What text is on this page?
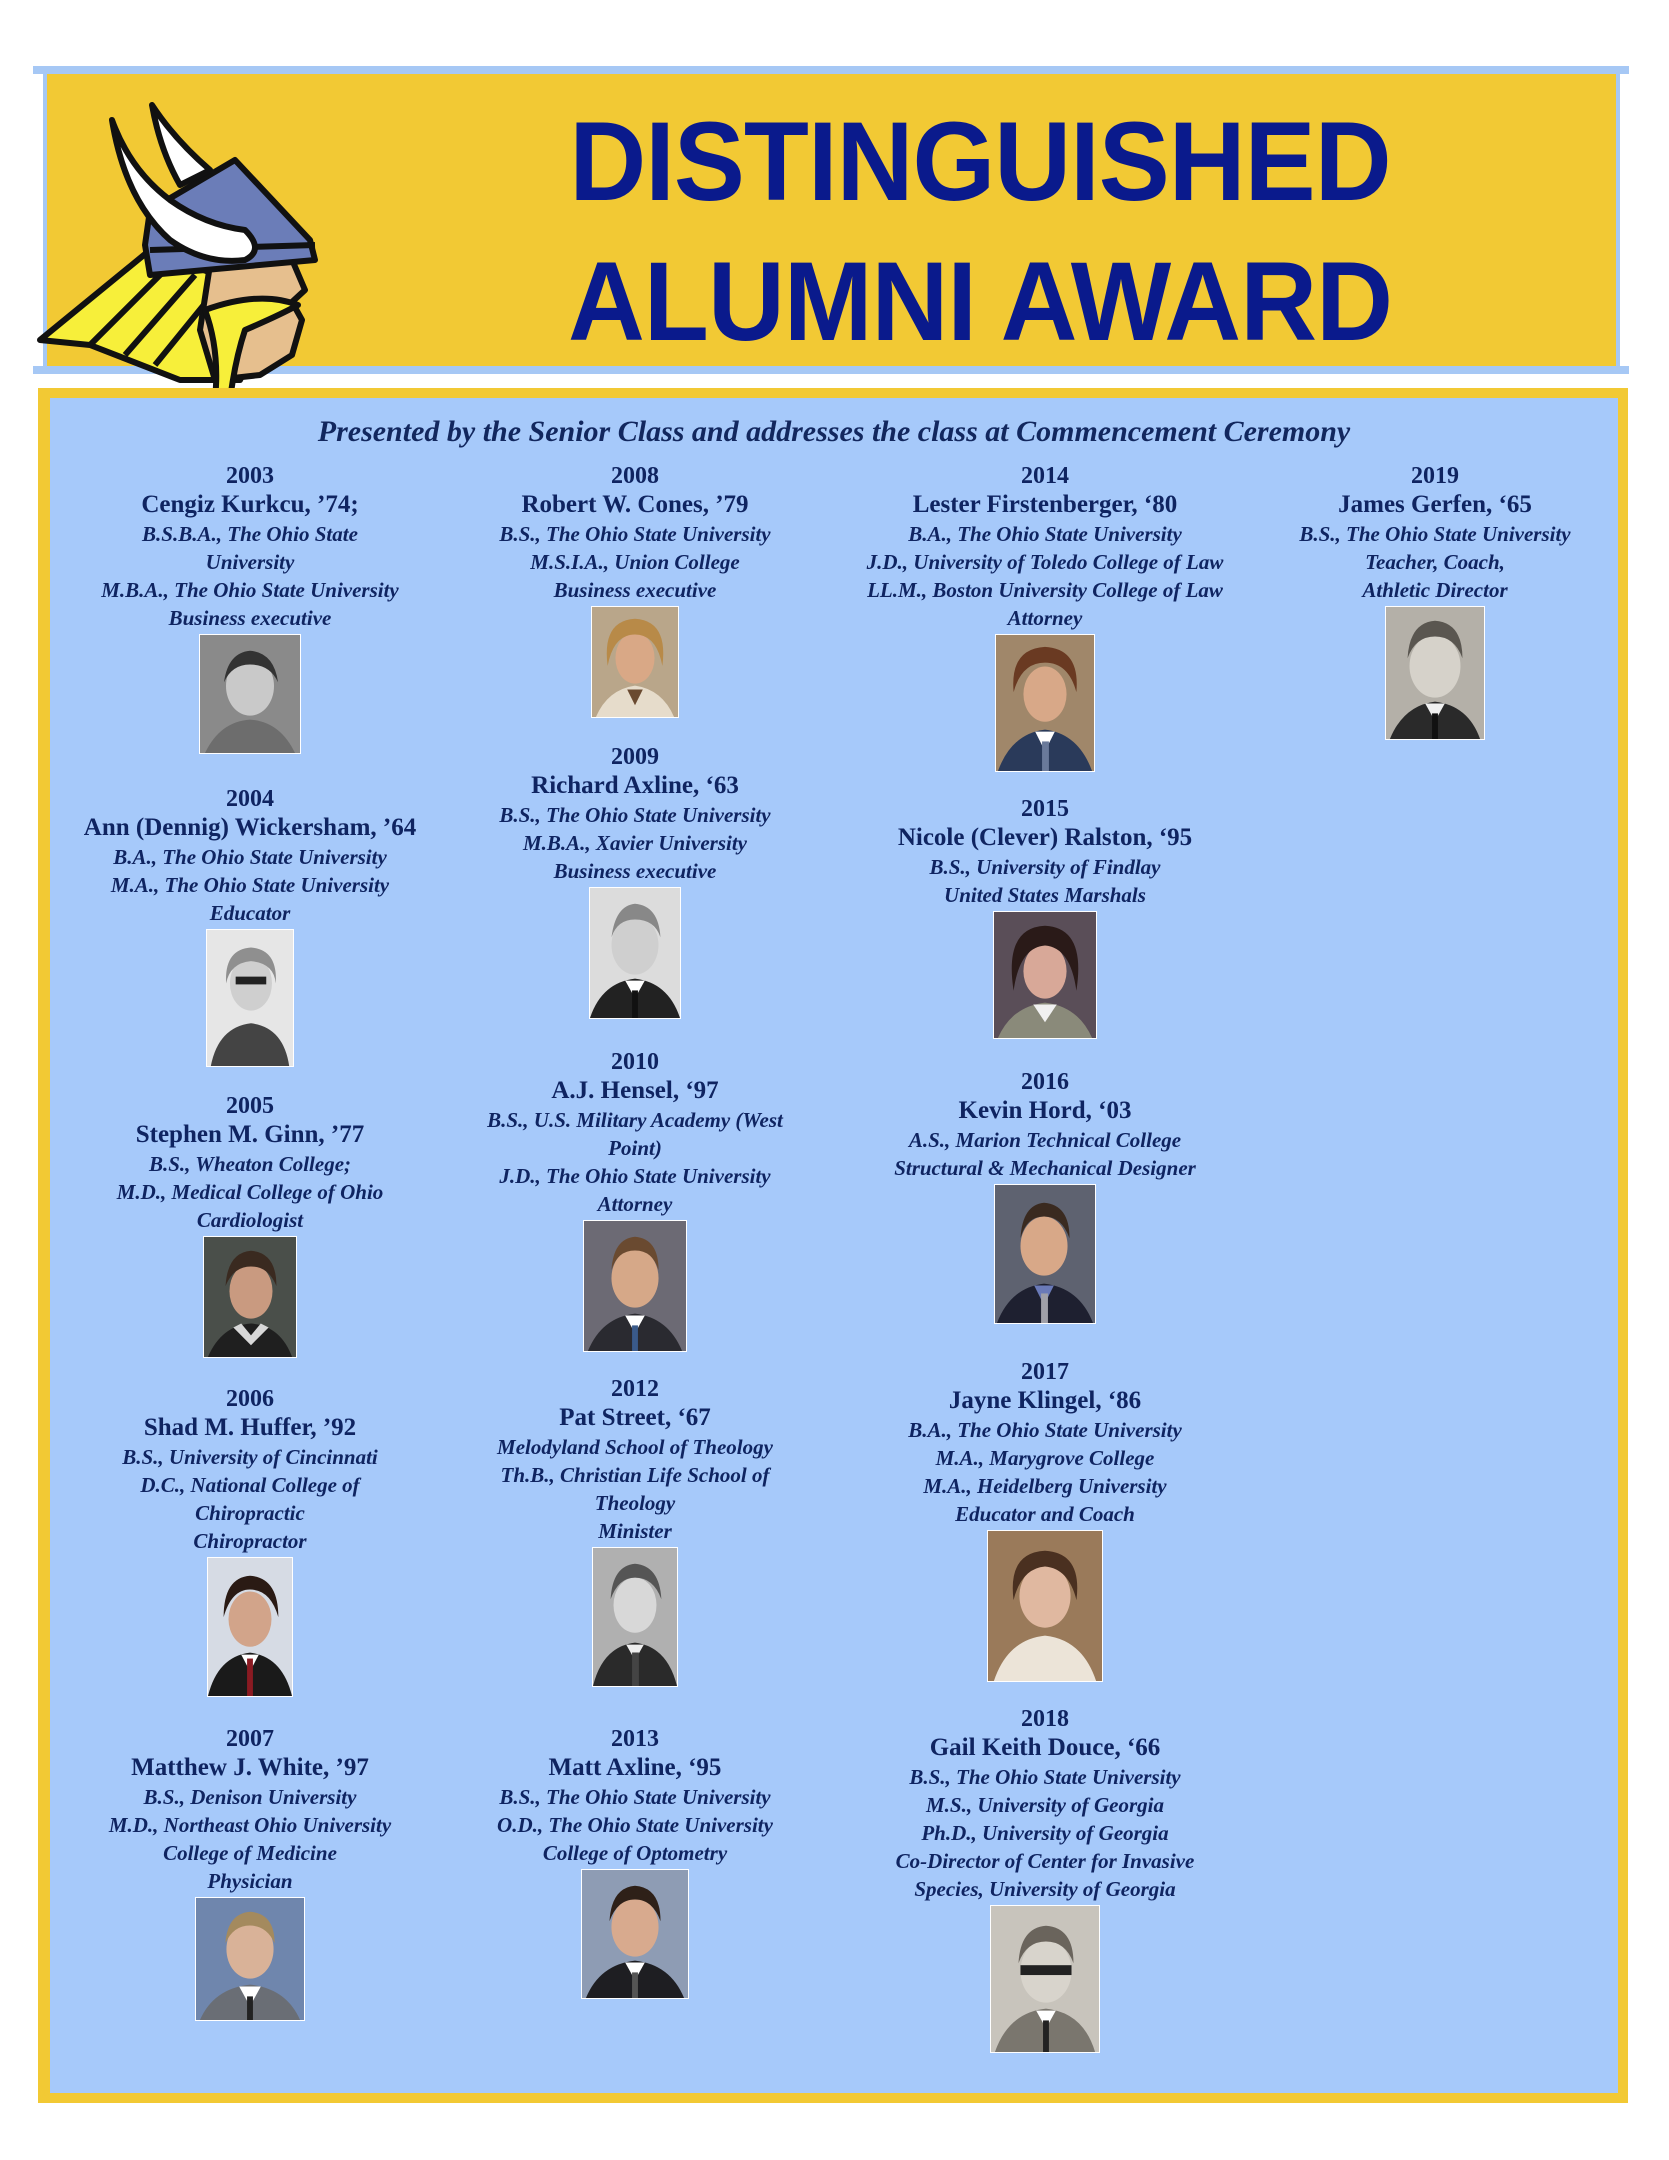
DISTINGUISHED
ALUMNI AWARD
Presented by the Senior Class and addresses the class at Commencement Ceremony
2003
Cengiz Kurkcu, ’74;
B.S.B.A., The Ohio State
University
M.B.A., The Ohio State University
Business executive
2004
Ann (Dennig) Wickersham, ’64
B.A., The Ohio State University
M.A., The Ohio State University
Educator
2005
Stephen M. Ginn, ’77
B.S., Wheaton College;
M.D., Medical College of Ohio
Cardiologist
2006
Shad M. Huffer, ’92
B.S., University of Cincinnati
D.C., National College of
Chiropractic
Chiropractor
2007
Matthew J. White, ’97
B.S., Denison University
M.D., Northeast Ohio University
College of Medicine
Physician
2008
Robert W. Cones, ’79
B.S., The Ohio State University
M.S.I.A., Union College
Business executive
2009
Richard Axline, ‘63
B.S., The Ohio State University
M.B.A., Xavier University
Business executive
2010
A.J. Hensel, ‘97
B.S., U.S. Military Academy (West
Point)
J.D., The Ohio State University
Attorney
2012
Pat Street, ‘67
Melodyland School of Theology
Th.B., Christian Life School of
Theology
Minister
2013
Matt Axline, ‘95
B.S., The Ohio State University
O.D., The Ohio State University
College of Optometry
2014
Lester Firstenberger, ‘80
B.A., The Ohio State University
J.D., University of Toledo College of Law
LL.M., Boston University College of Law
Attorney
2015
Nicole (Clever) Ralston, ‘95
B.S., University of Findlay
United States Marshals
2016
Kevin Hord, ‘03
A.S., Marion Technical College
Structural & Mechanical Designer
2017
Jayne Klingel, ‘86
B.A., The Ohio State University
M.A., Marygrove College
M.A., Heidelberg University
Educator and Coach
2018
Gail Keith Douce, ‘66
B.S., The Ohio State University
M.S., University of Georgia
Ph.D., University of Georgia
Co-Director of Center for Invasive
Species, University of Georgia
2019
James Gerfen, ‘65
B.S., The Ohio State University
Teacher, Coach,
Athletic Director
